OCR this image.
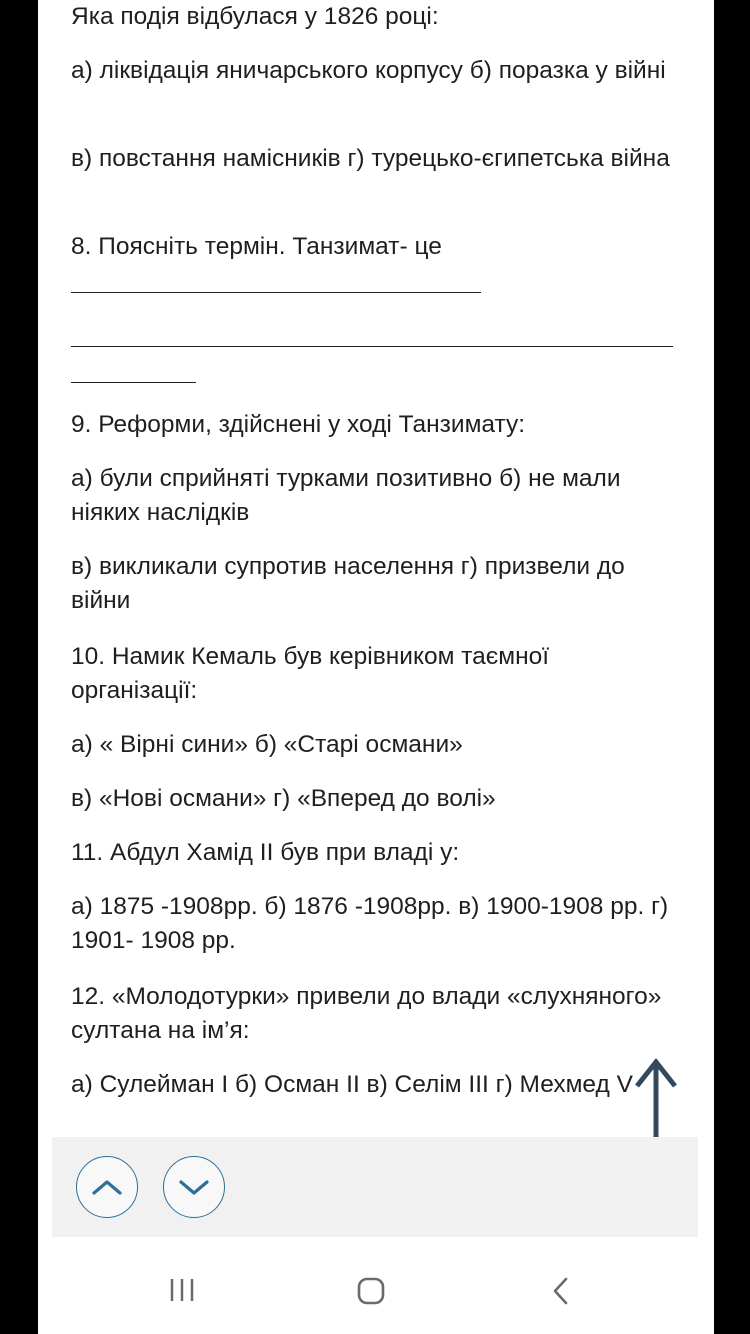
Яка подія відбулася у 1826 році:

а) ліквідація яничарського корпусу б) поразка у війні

в) повстання намісників г) турецько-єгипетська війна

8. Поясніть термін. Танзимат- це

9. Реформи, здійснені у ході Танзимату:

а) були сприйняті турками позитивно б) не мали ніяких наслідків

в) викликали супротив населення г) призвели до війни

10. Намик Кемаль був керівником таємної організації:

а) « Вірні сини» б) «Старі османи»

в) «Нові османи» г) «Вперед до волі»

11. Абдул Хамід ІІ був при владі у:

а) 1875 -1908рр. б) 1876 -1908рр. в) 1900-1908 рр. г) 1901- 1908 рр.

12. «Молодотурки» привели до влади «слухняного» султана на ім’я:

а) Сулейман І б) Осман ІІ в) Селім ІІІ г) Мехмед V
